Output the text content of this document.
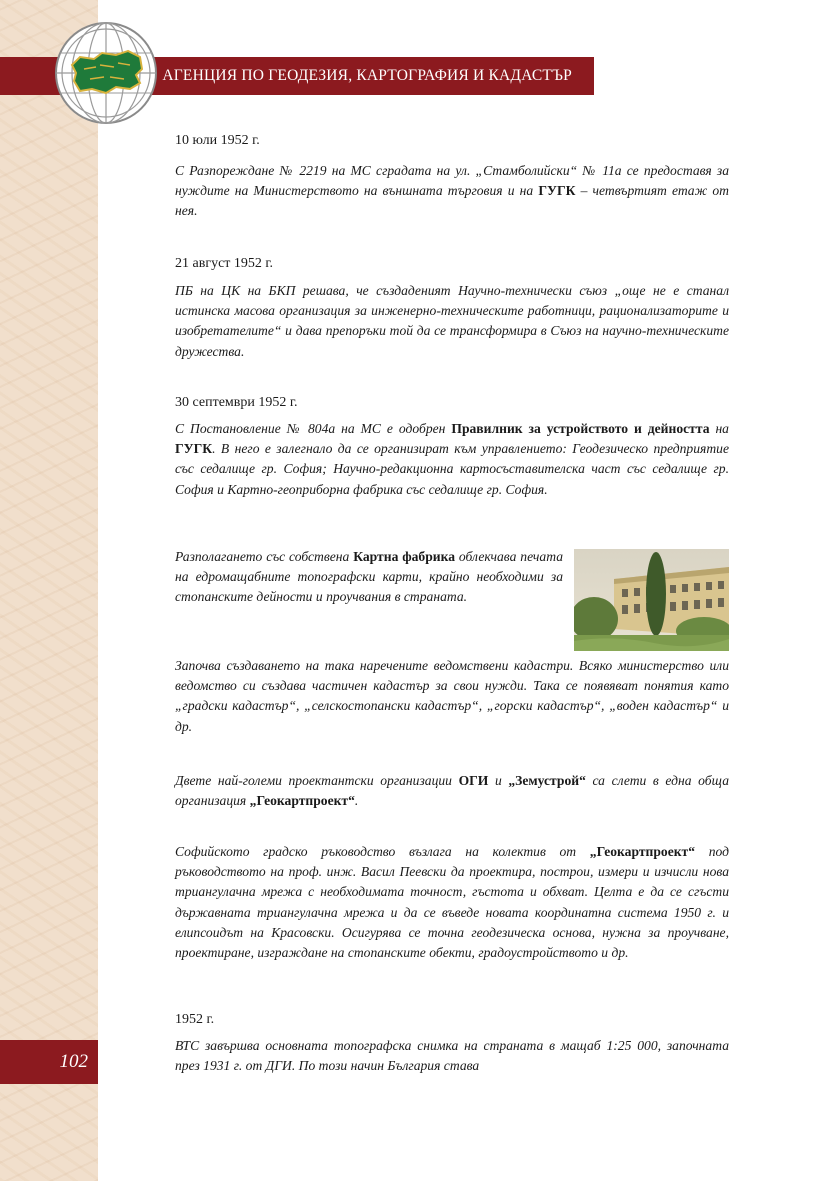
АГЕНЦИЯ ПО ГЕОДЕЗИЯ, КАРТОГРАФИЯ И КАДАСТЪР
10 юли 1952 г.

С Разпореждане № 2219 на МС сградата на ул. „Стамболийски“ № 11а се предоставя за нуждите на Министерството на външната търговия и на ГУГК – четвъртият етаж от нея.

21 август 1952 г.

ПБ на ЦК на БКП решава, че създаденият Научно-технически съюз „още не е станал истинска масова организация за инженерно-техническите работници, рационализаторите и изобретателите“ и дава препоръки той да се трансформира в Съюз на научно-техническите дружества.

30 септември 1952 г.

С Постановление № 804а на МС е одобрен Правилник за устройството и дейността на ГУГК. В него е залегнало да се организират към управлението: Геодезическо предприятие със седалище гр. София; Научно-редакционна картосъставителска част със седалище гр. София и Картно-геоприборна фабрика със седалище гр. София.

Разполагането със собствена Картна фабрика облекчава печата на едромащабните топографски карти, крайно необходими за стопанските дейности и проучвания в страната.

Започва създаването на така наречените ведомствени кадастри. Всяко министерство или ведомство си създава частичен кадастър за свои нужди. Така се появяват понятия като „градски кадастър“, „селскостопански кадастър“, „горски кадастър“, „воден кадастър“ и др.

Двете най-големи проектантски организации ОГИ и „Земустрой“ са слети в една обща организация „Геокартпроект“.

Софийското градско ръководство възлага на колектив от „Геокартпроект“ под ръководството на проф. инж. Васил Пеевски да проектира, построи, измери и изчисли нова триангулачна мрежа с необходимата точност, гъстота и обхват. Целта е да се сгъсти държавната триангулачна мрежа и да се въведе новата координатна система 1950 г. и елипсоидът на Красовски. Осигурява се точна геодезическа основа, нужна за проучване, проектиране, изграждане на стопанските обекти, градоустройството и др.

1952 г.

ВТС завършва основната топографска снимка на страната в мащаб 1:25 000, започната през 1931 г. от ДГИ. По този начин България става

102
